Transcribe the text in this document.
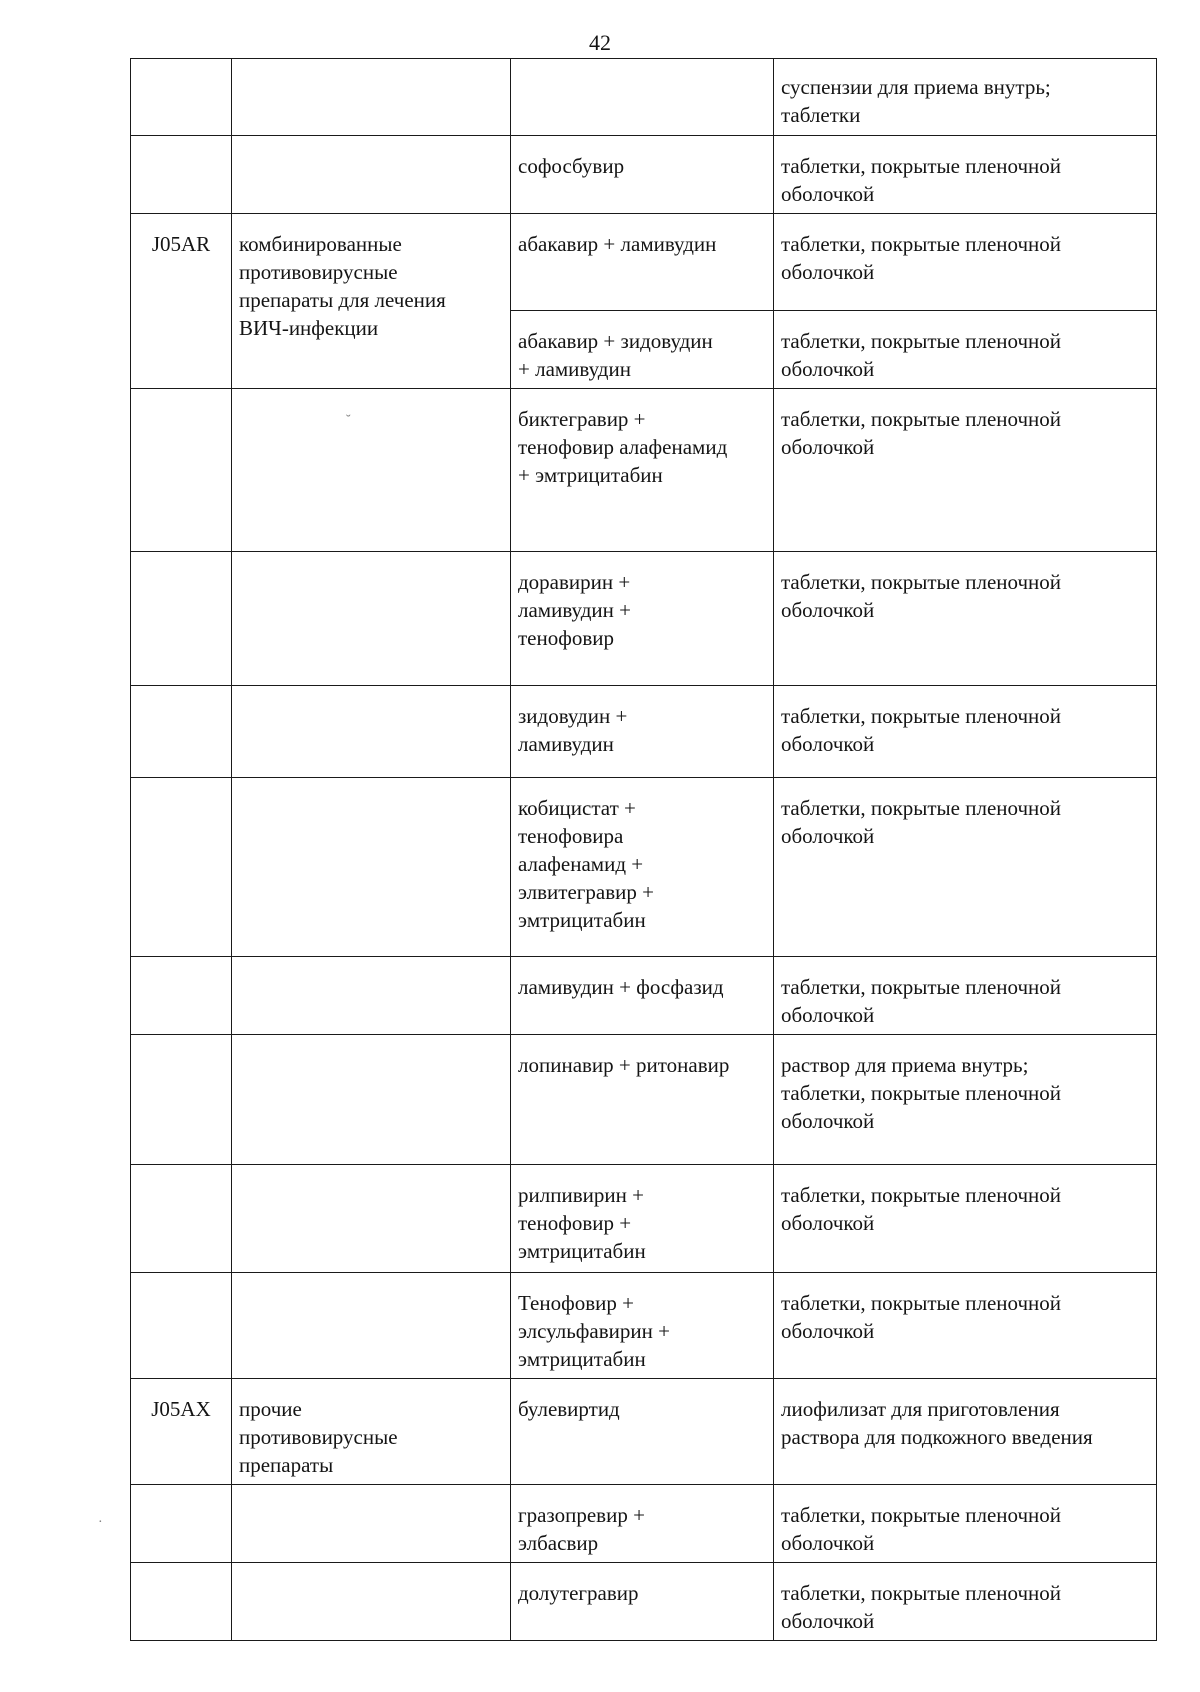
42
			суспензии для приема внутрь;
таблетки
		софосбувир	таблетки, покрытые пленочной
оболочкой
J05AR	комбинированные
противовирусные
препараты для лечения
ВИЧ-инфекции	абакавир + ламивудин	таблетки, покрытые пленочной
оболочкой
		абакавир + зидовудин
+ ламивудин	таблетки, покрытые пленочной
оболочкой
		биктегравир +
тенофовир алафенамид
+ эмтрицитабин	таблетки, покрытые пленочной
оболочкой
		доравирин +
ламивудин +
тенофовир	таблетки, покрытые пленочной
оболочкой
		зидовудин +
ламивудин	таблетки, покрытые пленочной
оболочкой
		кобицистат +
тенофовира
алафенамид +
элвитегравир +
эмтрицитабин	таблетки, покрытые пленочной
оболочкой
		ламивудин + фосфазид	таблетки, покрытые пленочной
оболочкой
		лопинавир + ритонавир	раствор для приема внутрь;
таблетки, покрытые пленочной
оболочкой
		рилпивирин +
тенофовир +
эмтрицитабин	таблетки, покрытые пленочной
оболочкой
		Тенофовир +
элсульфавирин +
эмтрицитабин	таблетки, покрытые пленочной
оболочкой
J05AX	прочие
противовирусные
препараты	булевиртид	лиофилизат для приготовления
раствора для подкожного введения
		гразопревир +
элбасвир	таблетки, покрытые пленочной
оболочкой
		долутегравир	таблетки, покрытые пленочной
оболочкой
˘
·
